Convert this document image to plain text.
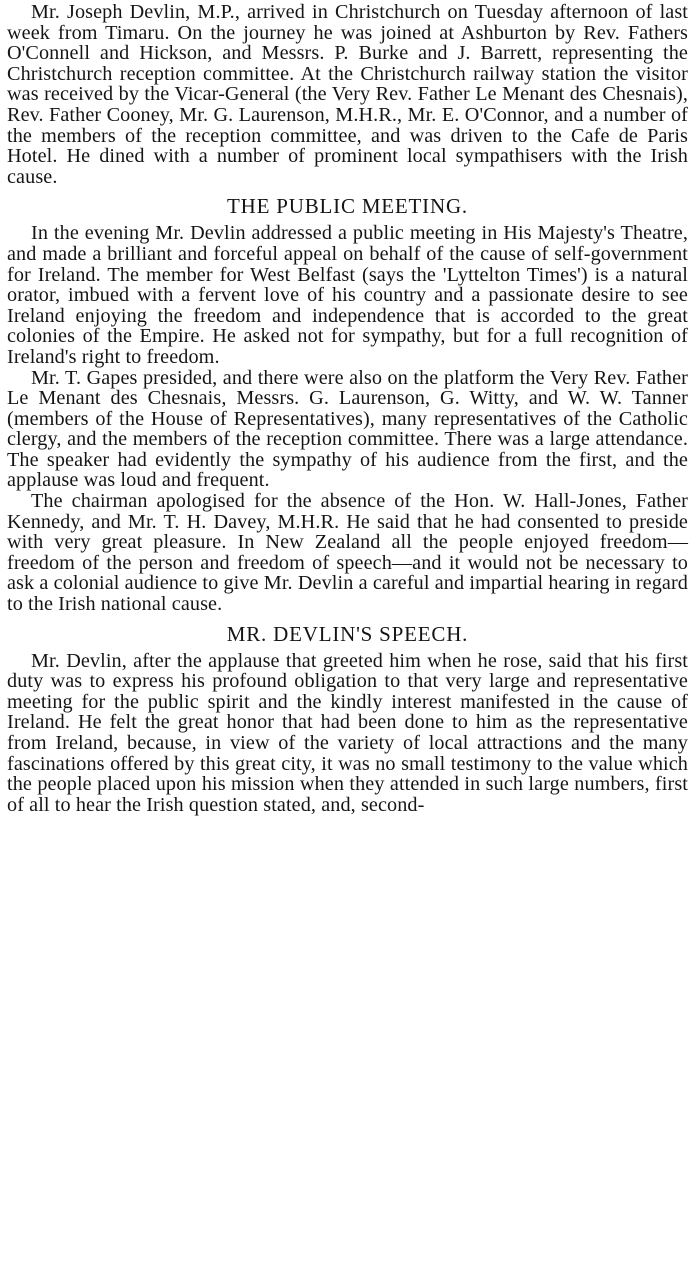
Mr. Joseph Devlin, M.P., arrived in Christchurch on Tuesday afternoon of last week from Timaru. On the journey he was joined at Ashburton by Rev. Fathers O'Connell and Hickson, and Messrs. P. Burke and J. Barrett, representing the Christchurch reception committee. At the Christchurch railway station the visitor was received by the Vicar-General (the Very Rev. Father Le Menant des Chesnais), Rev. Father Cooney, Mr. G. Laurenson, M.H.R., Mr. E. O'Connor, and a number of the members of the reception committee, and was driven to the Cafe de Paris Hotel. He dined with a number of prominent local sympathisers with the Irish cause.

THE PUBLIC MEETING.

In the evening Mr. Devlin addressed a public meeting in His Majesty's Theatre, and made a brilliant and forceful appeal on behalf of the cause of self-government for Ireland. The member for West Belfast (says the 'Lyttelton Times') is a natural orator, imbued with a fervent love of his country and a passionate desire to see Ireland enjoying the freedom and independence that is accorded to the great colonies of the Empire. He asked not for sympathy, but for a full recognition of Ireland's right to freedom.

Mr. T. Gapes presided, and there were also on the platform the Very Rev. Father Le Menant des Chesnais, Messrs. G. Laurenson, G. Witty, and W. W. Tanner (members of the House of Representatives), many representatives of the Catholic clergy, and the members of the reception committee. There was a large attendance. The speaker had evidently the sympathy of his audience from the first, and the applause was loud and frequent.

The chairman apologised for the absence of the Hon. W. Hall-Jones, Father Kennedy, and Mr. T. H. Davey, M.H.R. He said that he had consented to preside with very great pleasure. In New Zealand all the people enjoyed freedom—freedom of the person and freedom of speech—and it would not be necessary to ask a colonial audience to give Mr. Devlin a careful and impartial hearing in regard to the Irish national cause.

MR. DEVLIN'S SPEECH.

Mr. Devlin, after the applause that greeted him when he rose, said that his first duty was to express his profound obligation to that very large and representative meeting for the public spirit and the kindly interest manifested in the cause of Ireland. He felt the great honor that had been done to him as the representative from Ireland, because, in view of the variety of local attractions and the many fascinations offered by this great city, it was no small testimony to the value which the people placed upon his mission when they attended in such large numbers, first of all to hear the Irish question stated, and, second-
